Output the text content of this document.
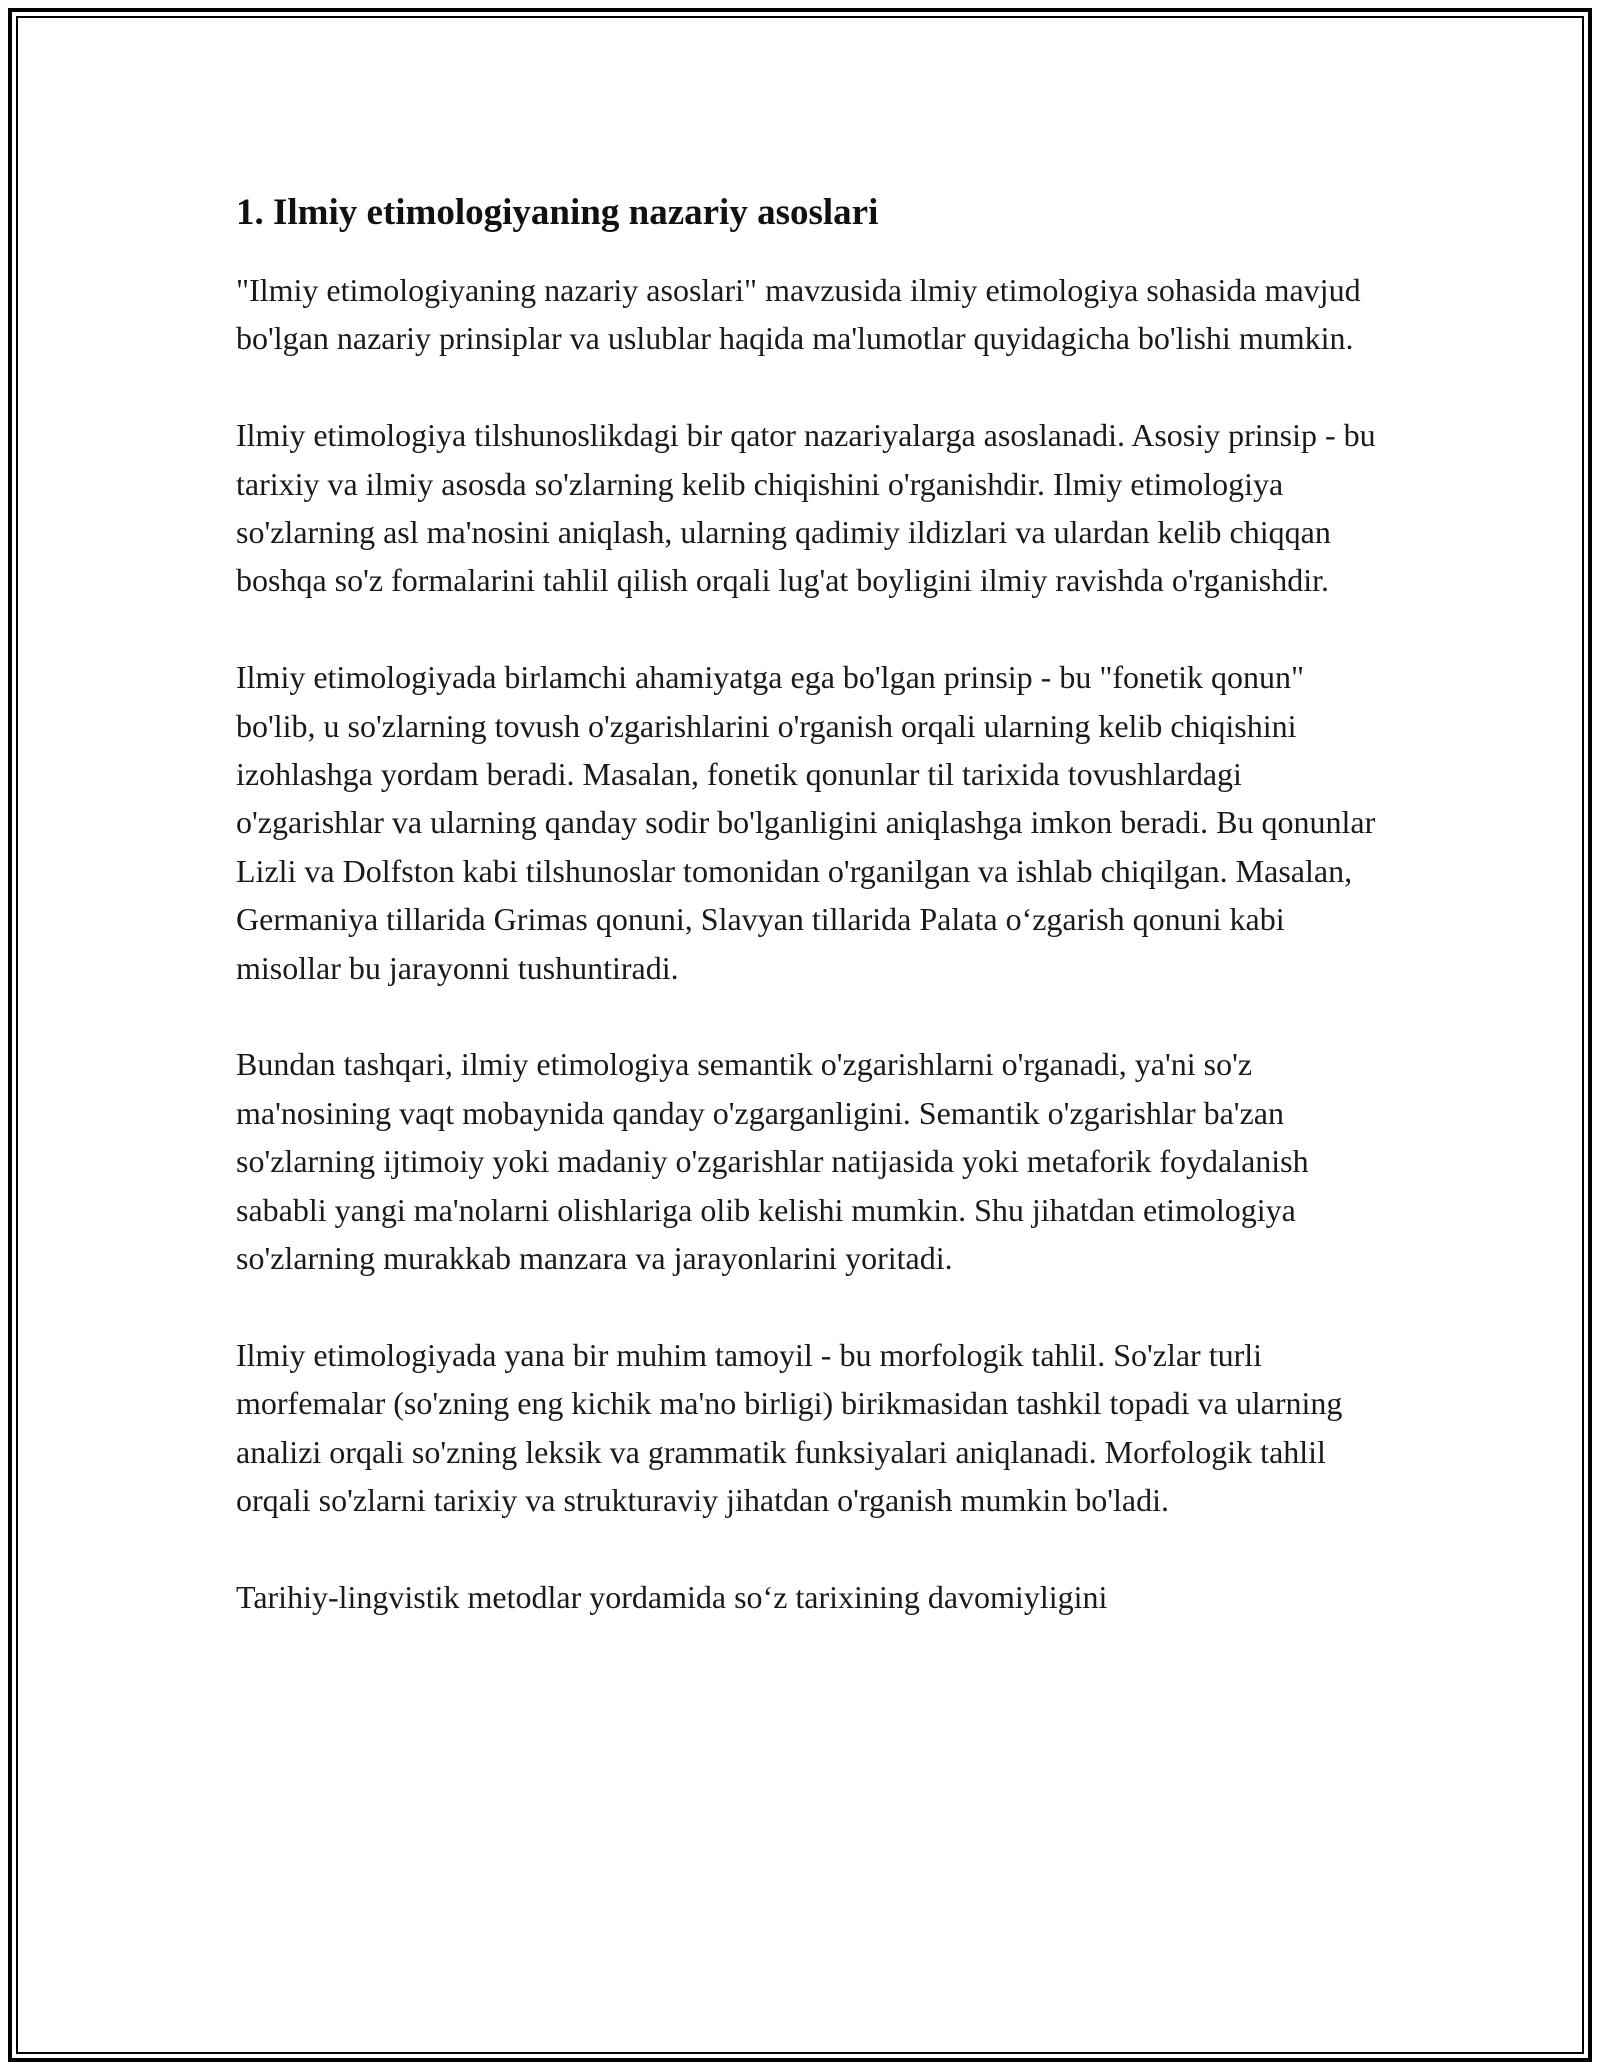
1. Ilmiy etimologiyaning nazariy asoslari

"Ilmiy etimologiyaning nazariy asoslari" mavzusida ilmiy etimologiya sohasida mavjud bo'lgan nazariy prinsiplar va uslublar haqida ma'lumotlar quyidagicha bo'lishi mumkin.

Ilmiy etimologiya tilshunoslikdagi bir qator nazariyalarga asoslanadi. Asosiy prinsip - bu tarixiy va ilmiy asosda so'zlarning kelib chiqishini o'rganishdir. Ilmiy etimologiya so'zlarning asl ma'nosini aniqlash, ularning qadimiy ildizlari va ulardan kelib chiqqan boshqa so'z formalarini tahlil qilish orqali lug'at boyligini ilmiy ravishda o'rganishdir.

Ilmiy etimologiyada birlamchi ahamiyatga ega bo'lgan prinsip - bu "fonetik qonun" bo'lib, u so'zlarning tovush o'zgarishlarini o'rganish orqali ularning kelib chiqishini izohlashga yordam beradi. Masalan, fonetik qonunlar til tarixida tovushlardagi o'zgarishlar va ularning qanday sodir bo'lganligini aniqlashga imkon beradi. Bu qonunlar Lizli va Dolfston kabi tilshunoslar tomonidan o'rganilgan va ishlab chiqilgan. Masalan, Germaniya tillarida Grimas qonuni, Slavyan tillarida Palata o‘zgarish qonuni kabi misollar bu jarayonni tushuntiradi.

Bundan tashqari, ilmiy etimologiya semantik o'zgarishlarni o'rganadi, ya'ni so'z ma'nosining vaqt mobaynida qanday o'zgarganligini. Semantik o'zgarishlar ba'zan so'zlarning ijtimoiy yoki madaniy o'zgarishlar natijasida yoki metaforik foydalanish sababli yangi ma'nolarni olishlariga olib kelishi mumkin. Shu jihatdan etimologiya so'zlarning murakkab manzara va jarayonlarini yoritadi.

Ilmiy etimologiyada yana bir muhim tamoyil - bu morfologik tahlil. So'zlar turli morfemalar (so'zning eng kichik ma'no birligi) birikmasidan tashkil topadi va ularning analizi orqali so'zning leksik va grammatik funksiyalari aniqlanadi. Morfologik tahlil orqali so'zlarni tarixiy va strukturaviy jihatdan o'rganish mumkin bo'ladi.

Tarihiy-lingvistik metodlar yordamida so‘z tarixining davomiyligini
